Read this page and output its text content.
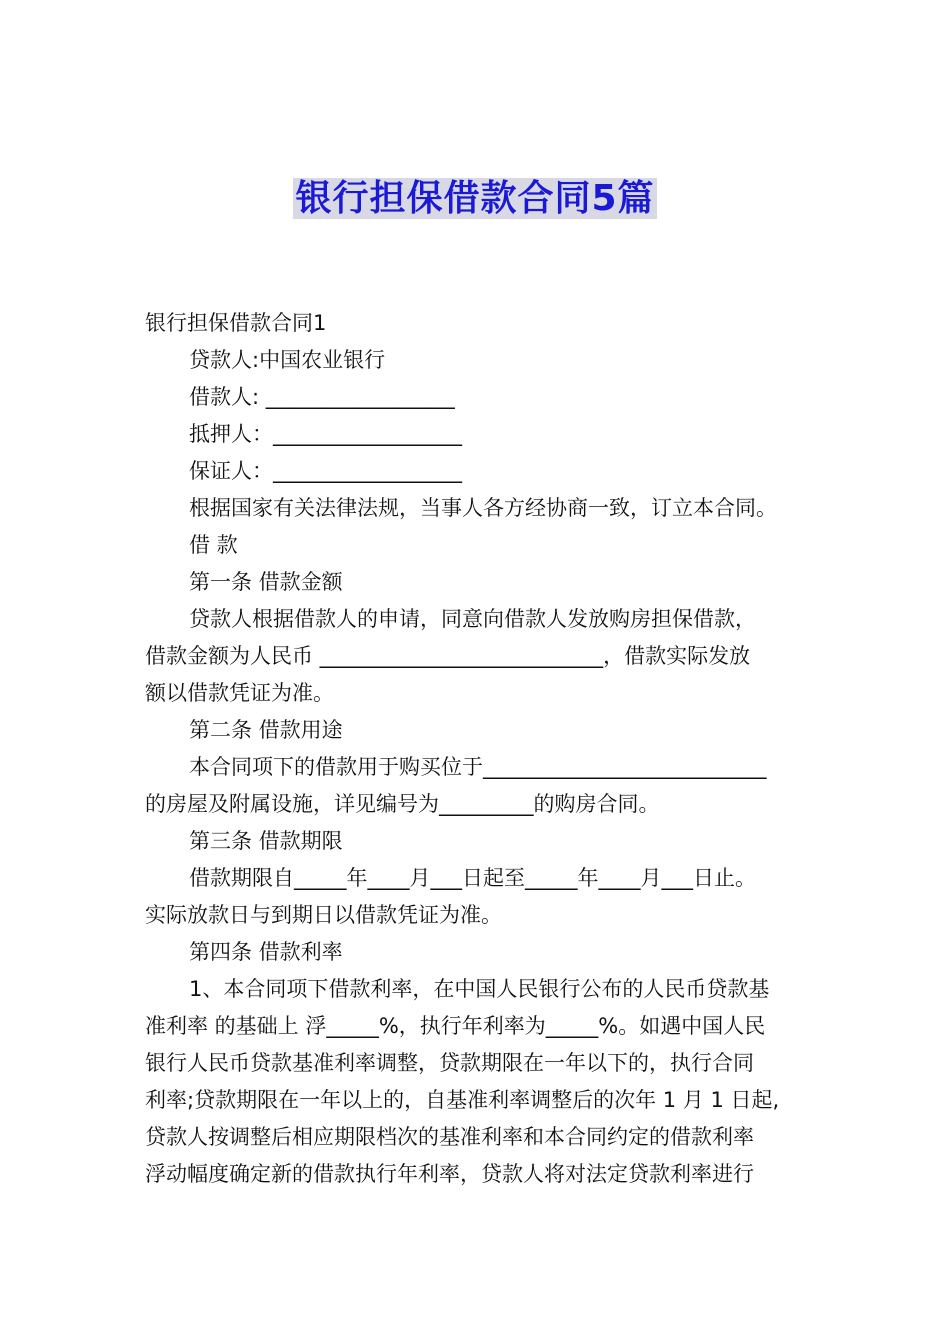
银行担保借款合同5篇
银行担保借款合同1
贷款人:中国农业银行
借款人: __________________
抵押人：__________________
保证人：__________________
根据国家有关法律法规，当事人各方经协商一致，订立本合同。
借 款
第一条 借款金额
贷款人根据借款人的申请，同意向借款人发放购房担保借款，
借款金额为人民币 ___________________________，借款实际发放
额以借款凭证为准。
第二条 借款用途
本合同项下的借款用于购买位于___________________________
的房屋及附属设施，详见编号为_________的购房合同。
第三条 借款期限
借款期限自_____年____月___日起至_____年____月___日止。
实际放款日与到期日以借款凭证为准。
第四条 借款利率
1、本合同项下借款利率，在中国人民银行公布的人民币贷款基
准利率 的基础上 浮_____%，执行年利率为_____%。如遇中国人民
银行人民币贷款基准利率调整，贷款期限在一年以下的，执行合同
利率;贷款期限在一年以上的，自基准利率调整后的次年 1 月 1 日起,
贷款人按调整后相应期限档次的基准利率和本合同约定的借款利率
浮动幅度确定新的借款执行年利率，贷款人将对法定贷款利率进行
